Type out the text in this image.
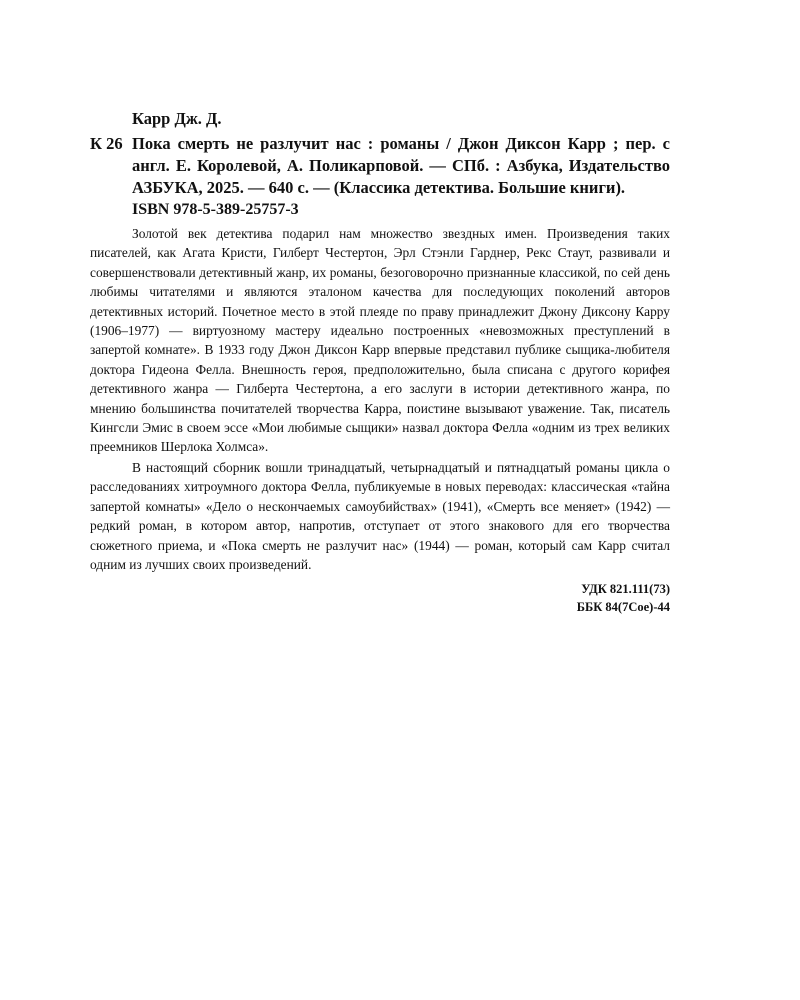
Карр Дж. Д.
К 26 Пока смерть не разлучит нас : романы / Джон Диксон Карр ; пер. с англ. Е. Королевой, А. Поликарповой. — СПб. : Азбука, Издательство АЗБУКА, 2025. — 640 с. — (Классика детектива. Большие книги).
ISBN 978-5-389-25757-3

Золотой век детектива подарил нам множество звездных имен. Произведения таких писателей, как Агата Кристи, Гилберт Честертон, Эрл Стэнли Гарднер, Рекс Стаут, развивали и совершенствовали детективный жанр, их романы, безоговорочно признанные классикой, по сей день любимы читателями и являются эталоном качества для последующих поколений авторов детективных историй. Почетное место в этой плеяде по праву принадлежит Джону Диксону Карру (1906–1977) — виртуозному мастеру идеально построенных «невозможных преступлений в запертой комнате». В 1933 году Джон Диксон Карр впервые представил публике сыщика-любителя доктора Гидеона Фелла. Внешность героя, предположительно, была списана с другого корифея детективного жанра — Гилберта Честертона, а его заслуги в истории детективного жанра, по мнению большинства почитателей творчества Карра, поистине вызывают уважение. Так, писатель Кингсли Эмис в своем эссе «Мои любимые сыщики» назвал доктора Фелла «одним из трех великих преемников Шерлока Холмса».

В настоящий сборник вошли тринадцатый, четырнадцатый и пятнадцатый романы цикла о расследованиях хитроумного доктора Фелла, публикуемые в новых переводах: классическая «тайна запертой комнаты» «Дело о нескончаемых самоубийствах» (1941), «Смерть все меняет» (1942) — редкий роман, в котором автор, напротив, отступает от этого знакового для его творчества сюжетного приема, и «Пока смерть не разлучит нас» (1944) — роман, который сам Карр считал одним из лучших своих произведений.

УДК 821.111(73)
ББК 84(7Сое)-44
